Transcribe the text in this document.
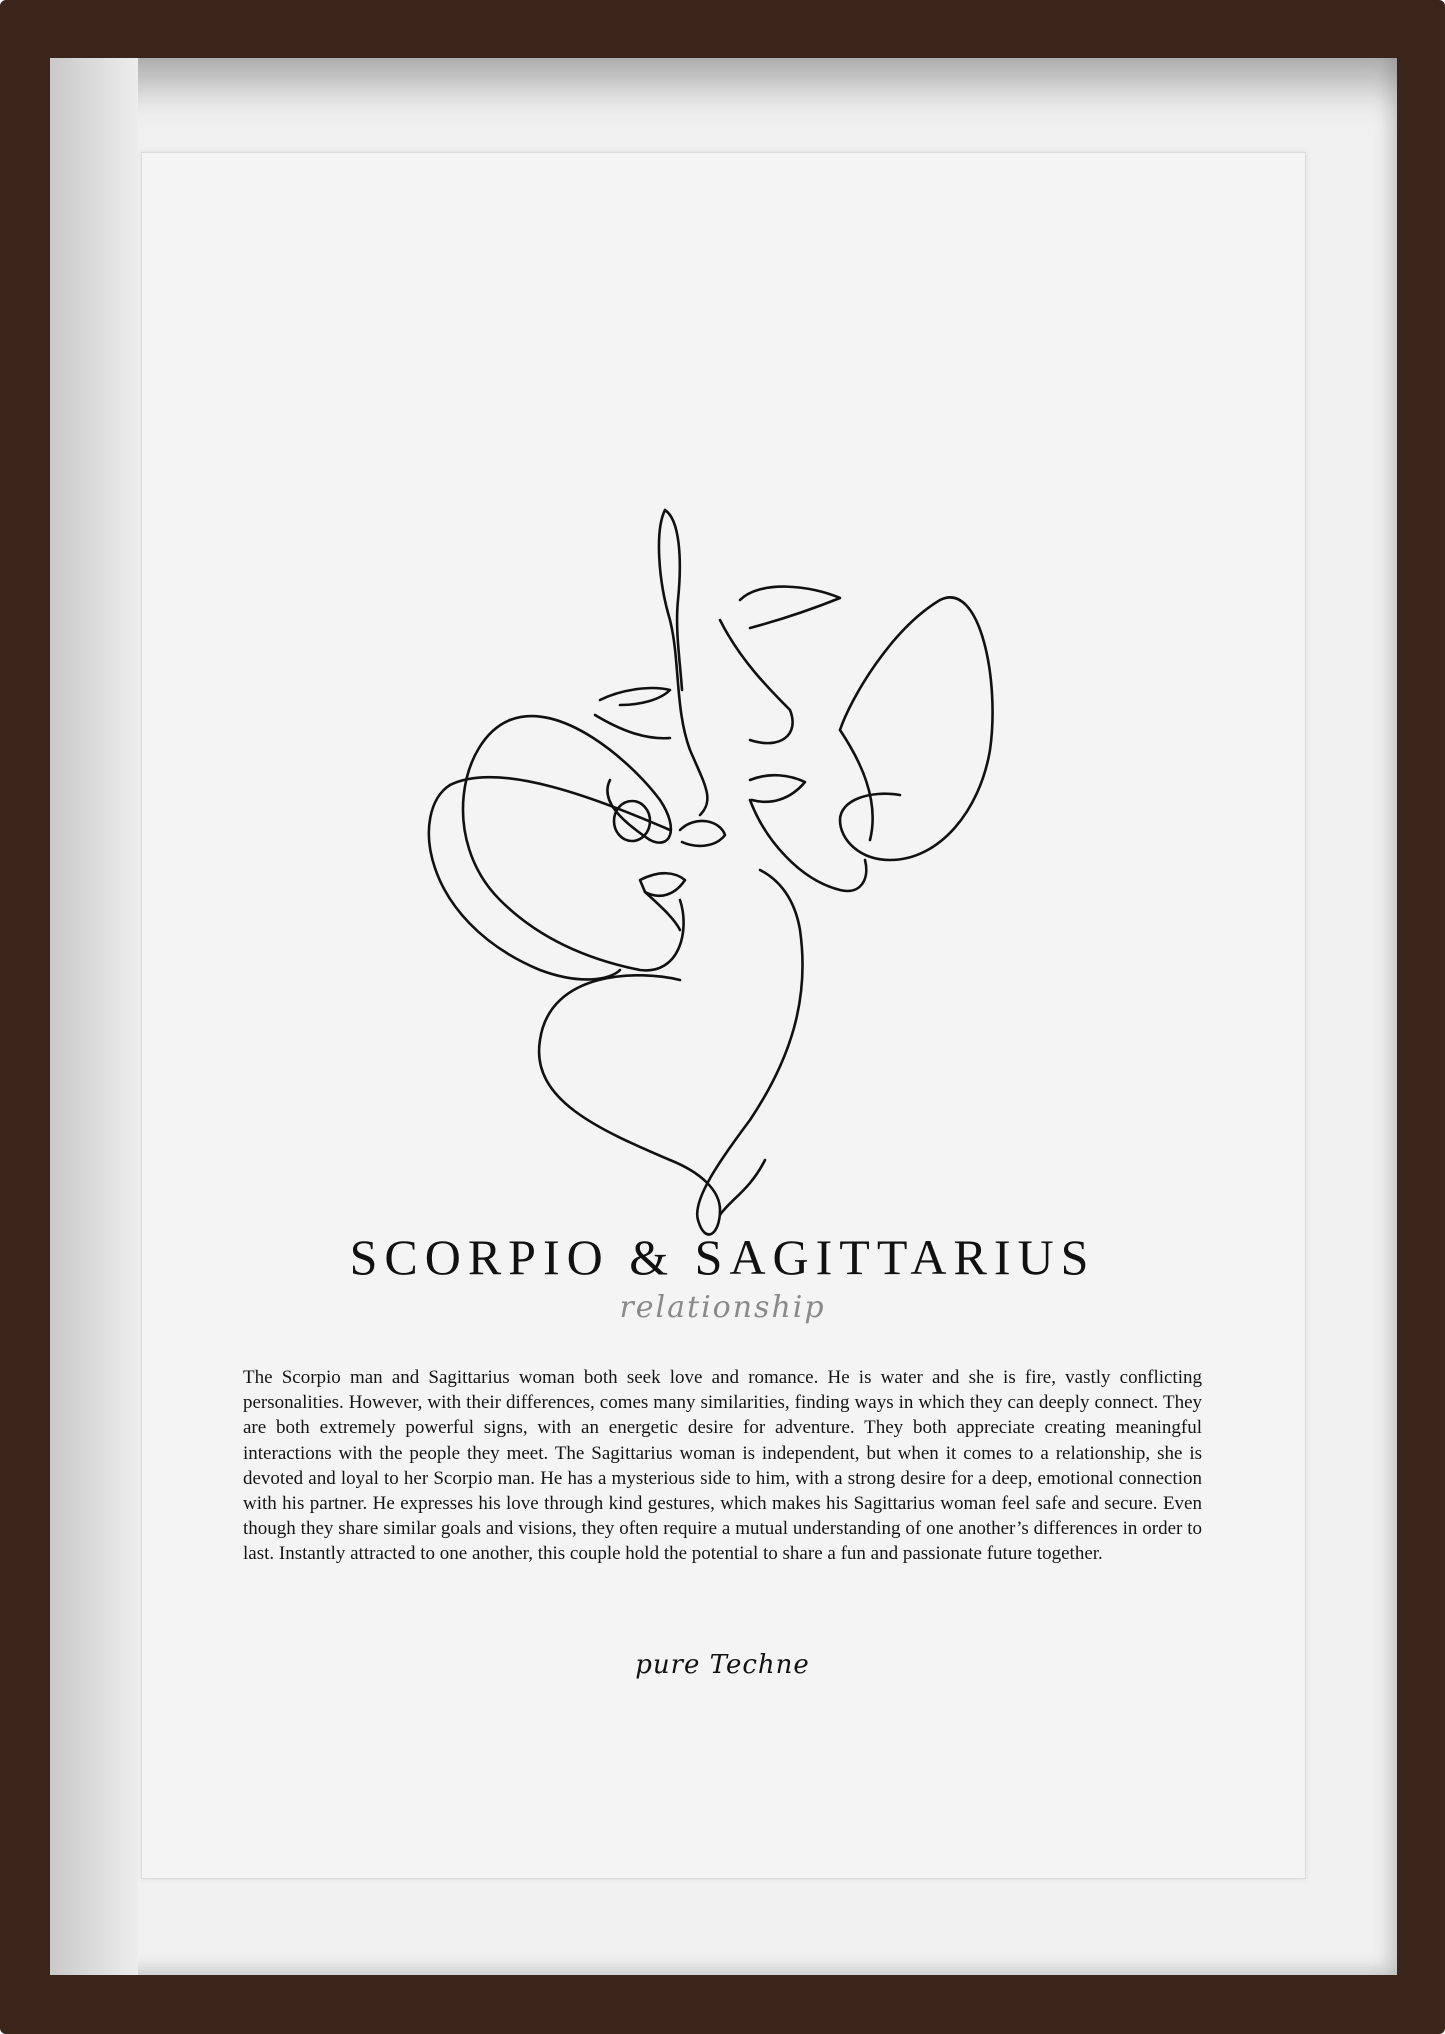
SCORPIO & SAGITTARIUS
relationship
The Scorpio man and Sagittarius woman both seek love and romance. He is water and she is fire, vastly conflicting personalities. However, with their differences, comes many similarities, finding ways in which they can deeply connect. They are both extremely powerful signs, with an energetic desire for adventure. They both appreciate creating meaningful interactions with the people they meet. The Sagittarius woman is independent, but when it comes to a relationship, she is devoted and loyal to her Scorpio man. He has a mysterious side to him, with a strong desire for a deep, emotional connection with his partner. He expresses his love through kind gestures, which makes his Sagittarius woman feel safe and secure. Even though they share similar goals and visions, they often require a mutual understanding of one another’s differences in order to last. Instantly attracted to one another, this couple hold the potential to share a fun and passionate future together.
pure Techne
